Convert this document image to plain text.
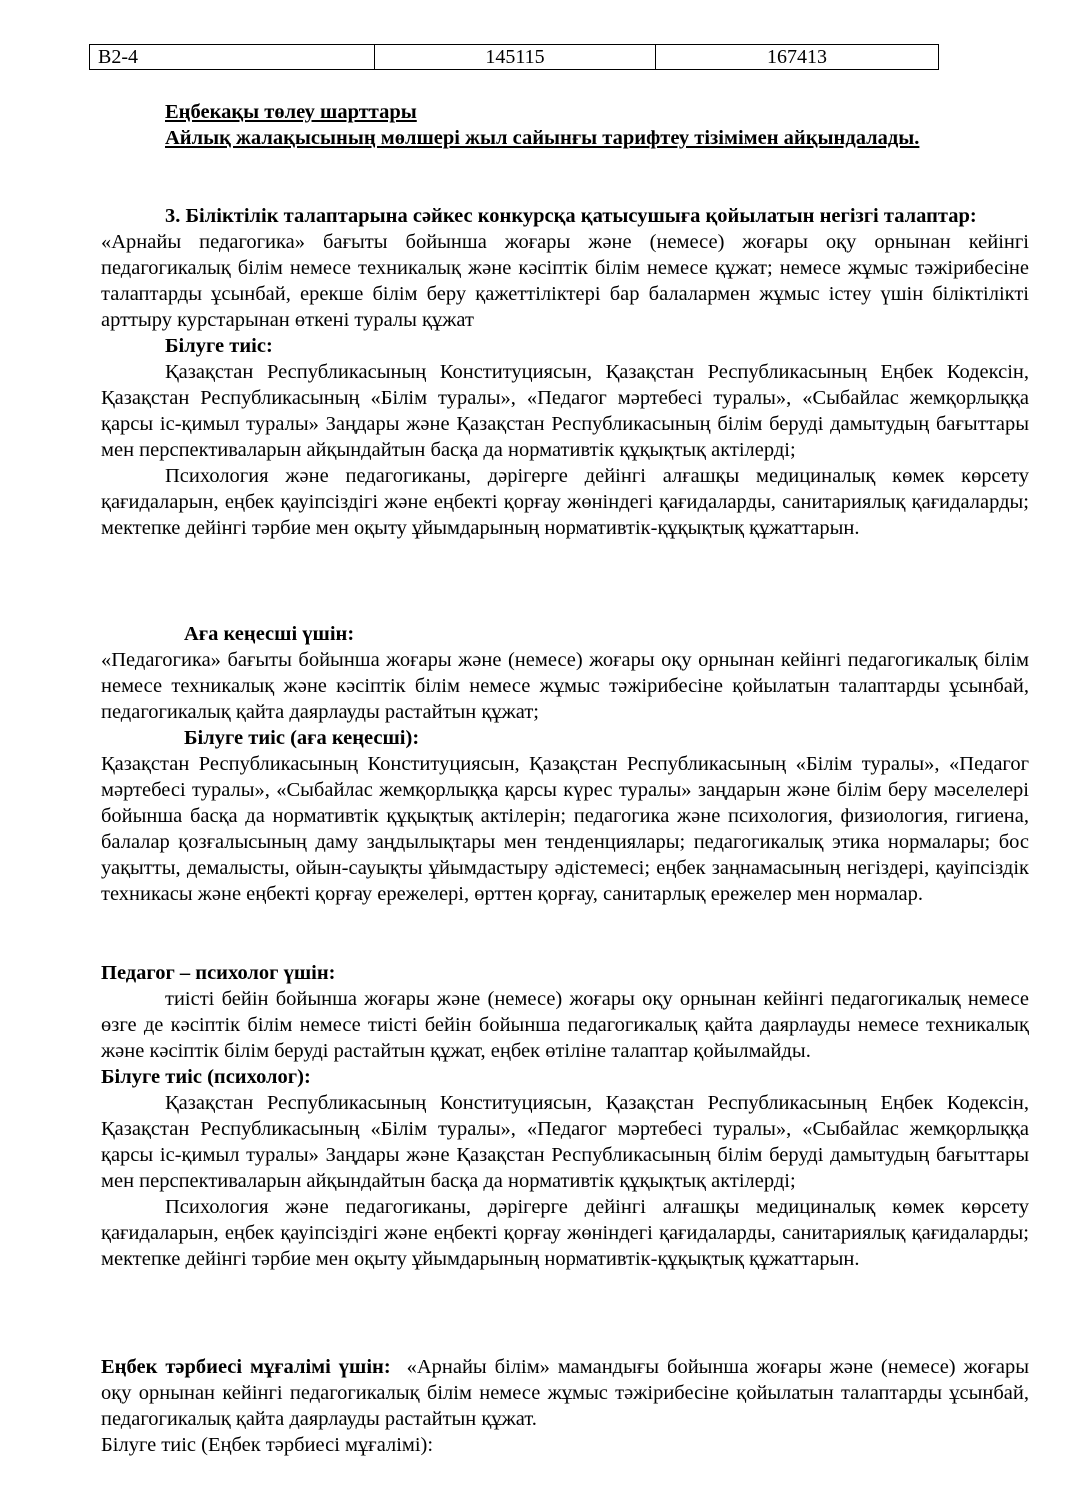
В2-4	145115	167413

Еңбекақы төлеу шарттары

Айлық жалақысының мөлшері жыл сайынғы тарифтеу тізімімен айқындалады.

3. Біліктілік талаптарына сәйкес конкурсқа қатысушыға қойылатын негізгі талаптар:

«Арнайы педагогика» бағыты бойынша жоғары және (немесе) жоғары оқу орнынан кейінгі педагогикалық білім немесе техникалық және кәсіптік білім немесе құжат; немесе жұмыс тәжірибесіне талаптарды ұсынбай, ерекше білім беру қажеттіліктері бар балалармен жұмыс істеу үшін біліктілікті арттыру курстарынан өткені туралы құжат

Білуге тиіс:

Қазақстан Республикасының Конституциясын, Қазақстан Республикасының Еңбек Кодексін, Қазақстан Республикасының «Білім туралы», «Педагог мәртебесі туралы», «Сыбайлас жемқорлыққа қарсы іс-қимыл туралы» Заңдары және Қазақстан Республикасының білім беруді дамытудың бағыттары мен перспективаларын айқындайтын басқа да нормативтік құқықтық актілерді;

Психология және педагогиканы, дәрігерге дейінгі алғашқы медициналық көмек көрсету қағидаларын, еңбек қауіпсіздігі және еңбекті қорғау жөніндегі қағидаларды, санитариялық қағидаларды; мектепке дейінгі тәрбие мен оқыту ұйымдарының нормативтік-құқықтық құжаттарын.

Аға кеңесші үшін:

«Педагогика» бағыты бойынша жоғары және (немесе) жоғары оқу орнынан кейінгі педагогикалық білім немесе техникалық және кәсіптік білім немесе жұмыс тәжірибесіне қойылатын талаптарды ұсынбай, педагогикалық қайта даярлауды растайтын құжат;

Білуге тиіс (аға кеңесші):

Қазақстан Республикасының Конституциясын, Қазақстан Республикасының «Білім туралы», «Педагог мәртебесі туралы», «Сыбайлас жемқорлыққа қарсы күрес туралы» заңдарын және білім беру мәселелері бойынша басқа да нормативтік құқықтық актілерін; педагогика және психология, физиология, гигиена, балалар қозғалысының даму заңдылықтары мен тенденциялары; педагогикалық этика нормалары; бос уақытты, демалысты, ойын-сауықты ұйымдастыру әдістемесі; еңбек заңнамасының негіздері, қауіпсіздік техникасы және еңбекті қорғау ережелері, өрттен қорғау, санитарлық ережелер мен нормалар.

Педагог – психолог үшін:

тиісті бейін бойынша жоғары және (немесе) жоғары оқу орнынан кейінгі педагогикалық немесе өзге де кәсіптік білім немесе тиісті бейін бойынша педагогикалық қайта даярлауды немесе техникалық және кәсіптік білім беруді растайтын құжат, еңбек өтіліне талаптар қойылмайды.

Білуге тиіс (психолог):

Қазақстан Республикасының Конституциясын, Қазақстан Республикасының Еңбек Кодексін, Қазақстан Республикасының «Білім туралы», «Педагог мәртебесі туралы», «Сыбайлас жемқорлыққа қарсы іс-қимыл туралы» Заңдары және Қазақстан Республикасының білім беруді дамытудың бағыттары мен перспективаларын айқындайтын басқа да нормативтік құқықтық актілерді;

Психология және педагогиканы, дәрігерге дейінгі алғашқы медициналық көмек көрсету қағидаларын, еңбек қауіпсіздігі және еңбекті қорғау жөніндегі қағидаларды, санитариялық қағидаларды; мектепке дейінгі тәрбие мен оқыту ұйымдарының нормативтік-құқықтық құжаттарын.

Еңбек тәрбиесі мұғалімі үшін: «Арнайы білім» мамандығы бойынша жоғары және (немесе) жоғары оқу орнынан кейінгі педагогикалық білім немесе жұмыс тәжірибесіне қойылатын талаптарды ұсынбай, педагогикалық қайта даярлауды растайтын құжат.

Білуге тиіс (Еңбек тәрбиесі мұғалімі):
